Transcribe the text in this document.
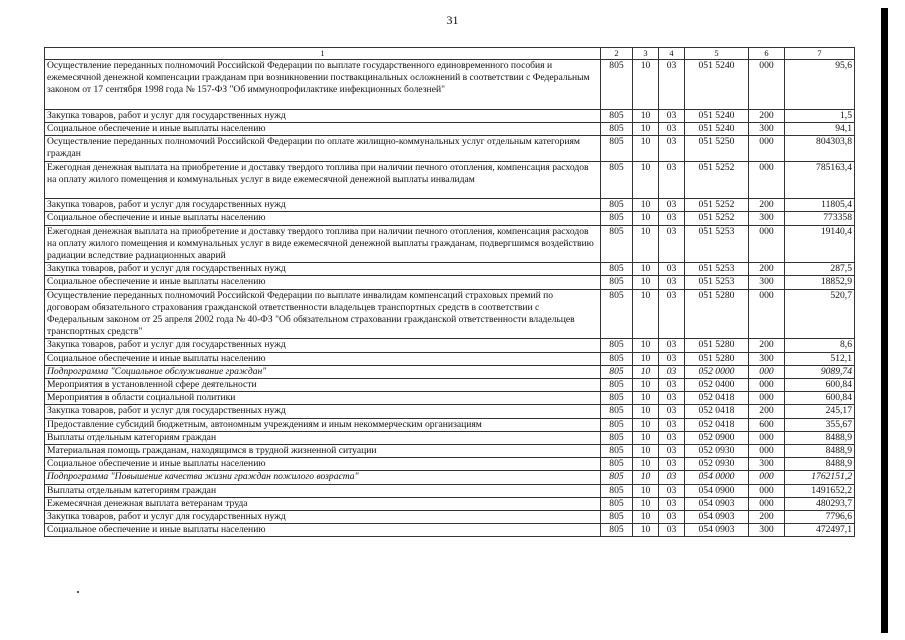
31
1	2	3	4	5	6	7
Осуществление переданных полномочий Российской Федерации по выплате государственного единовременного пособия и ежемесячной денежной компенсации гражданам при возникновении поствакцинальных осложнений в соответствии с Федеральным законом от 17 сентября 1998 года № 157-ФЗ "Об иммунопрофилактике инфекционных болезней"	805	10	03	051 5240	000	95,6
Закупка товаров, работ и услуг для государственных нужд	805	10	03	051 5240	200	1,5
Социальное обеспечение и иные выплаты населению	805	10	03	051 5240	300	94,1
Осуществление переданных полномочий Российской Федерации по оплате жилищно-коммунальных услуг отдельным категориям граждан	805	10	03	051 5250	000	804303,8
Ежегодная денежная выплата на приобретение и доставку твердого топлива при наличии печного отопления, компенсация расходов на оплату жилого помещения и коммунальных услуг в виде ежемесячной денежной выплаты инвалидам	805	10	03	051 5252	000	785163,4
Закупка товаров, работ и услуг для государственных нужд	805	10	03	051 5252	200	11805,4
Социальное обеспечение и иные выплаты населению	805	10	03	051 5252	300	773358
Ежегодная денежная выплата на приобретение и доставку твердого топлива при наличии печного отопления, компенсация расходов на оплату жилого помещения и коммунальных услуг в виде ежемесячной денежной выплаты гражданам, подвергшимся воздействию радиации вследствие радиационных аварий	805	10	03	051 5253	000	19140,4
Закупка товаров, работ и услуг для государственных нужд	805	10	03	051 5253	200	287,5
Социальное обеспечение и иные выплаты населению	805	10	03	051 5253	300	18852,9
Осуществление переданных полномочий Российской Федерации по выплате инвалидам компенсаций страховых премий по договорам обязательного страхования гражданской ответственности владельцев транспортных средств в соответствии с Федеральным законом от 25 апреля 2002 года № 40-ФЗ "Об обязательном страховании гражданской ответственности владельцев транспортных средств"	805	10	03	051 5280	000	520,7
Закупка товаров, работ и услуг для государственных нужд	805	10	03	051 5280	200	8,6
Социальное обеспечение и иные выплаты населению	805	10	03	051 5280	300	512,1
Подпрограмма "Социальное обслуживание граждан"	805	10	03	052 0000	000	9089,74
Мероприятия в установленной сфере деятельности	805	10	03	052 0400	000	600,84
Мероприятия в области социальной политики	805	10	03	052 0418	000	600,84
Закупка товаров, работ и услуг для государственных нужд	805	10	03	052 0418	200	245,17
Предоставление субсидий бюджетным, автономным учреждениям и иным некоммерческим организациям	805	10	03	052 0418	600	355,67
Выплаты отдельным категориям граждан	805	10	03	052 0900	000	8488,9
Материальная помощь гражданам, находящимся в трудной жизненной ситуации	805	10	03	052 0930	000	8488,9
Социальное обеспечение и иные выплаты населению	805	10	03	052 0930	300	8488,9
Подпрограмма "Повышение качества жизни граждан пожилого возраста"	805	10	03	054 0000	000	1762151,2
Выплаты отдельным категориям граждан	805	10	03	054 0900	000	1491652,2
Ежемесячная денежная выплата ветеранам труда	805	10	03	054 0903	000	480293,7
Закупка товаров, работ и услуг для государственных нужд	805	10	03	054 0903	200	7796,6
Социальное обеспечение и иные выплаты населению	805	10	03	054 0903	300	472497,1
